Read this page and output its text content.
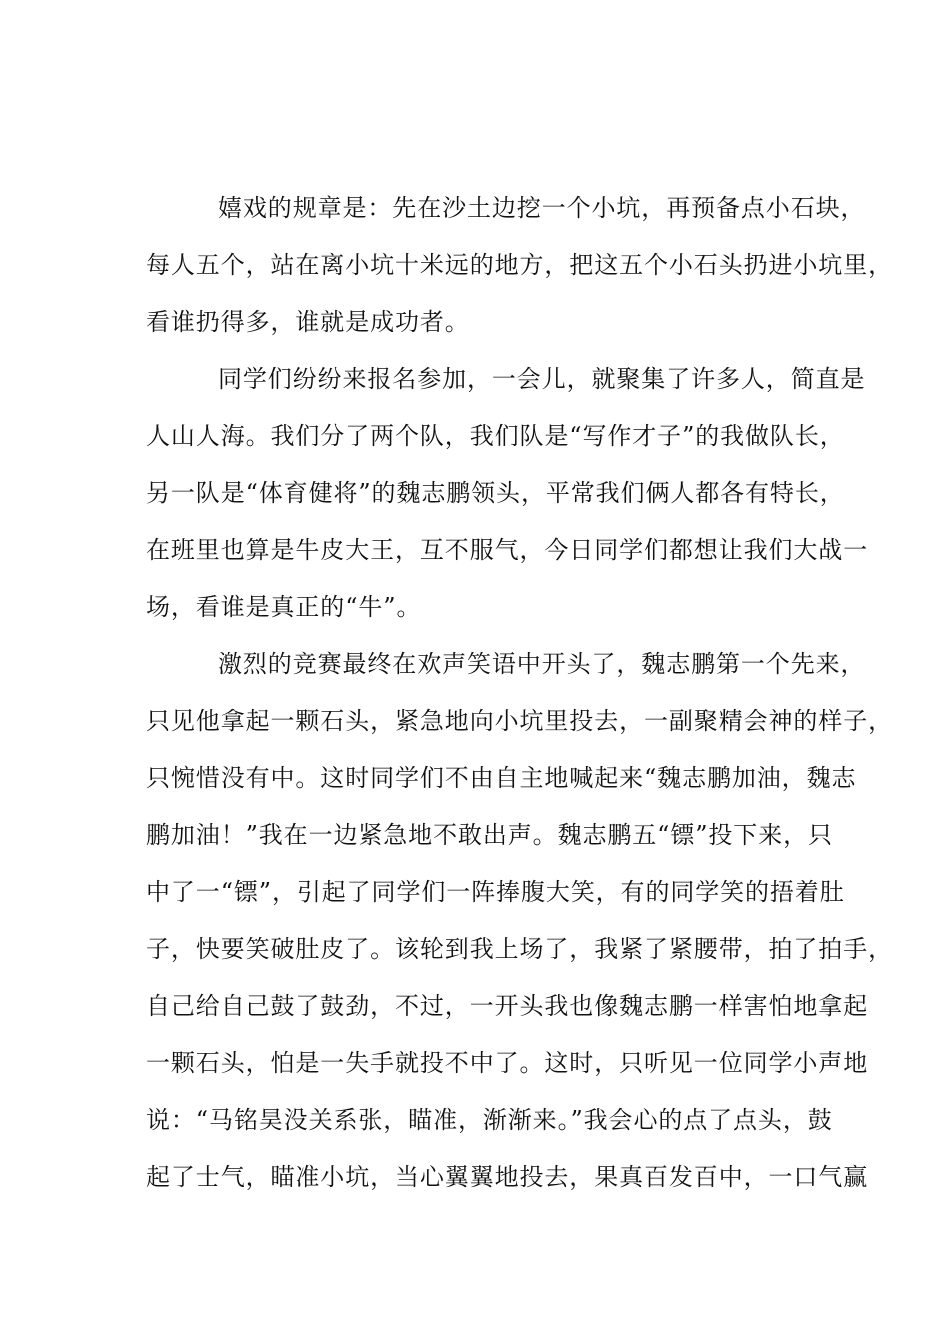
嬉戏的规章是：先在沙土边挖一个小坑，再预备点小石块，
每人五个，站在离小坑十米远的地方，把这五个小石头扔进小坑里，
看谁扔得多，谁就是成功者。
同学们纷纷来报名参加，一会儿，就聚集了许多人，简直是
人山人海。我们分了两个队，我们队是“写作才子”的我做队长，
另一队是“体育健将”的魏志鹏领头，平常我们俩人都各有特长，
在班里也算是牛皮大王，互不服气，今日同学们都想让我们大战一
场，看谁是真正的“牛”。
激烈的竞赛最终在欢声笑语中开头了，魏志鹏第一个先来，
只见他拿起一颗石头，紧急地向小坑里投去，一副聚精会神的样子，
只惋惜没有中。这时同学们不由自主地喊起来“魏志鹏加油，魏志
鹏加油！”我在一边紧急地不敢出声。魏志鹏五“镖”投下来，只
中了一“镖”，引起了同学们一阵捧腹大笑，有的同学笑的捂着肚
子，快要笑破肚皮了。该轮到我上场了，我紧了紧腰带，拍了拍手，
自己给自己鼓了鼓劲，不过，一开头我也像魏志鹏一样害怕地拿起
一颗石头，怕是一失手就投不中了。这时，只听见一位同学小声地
说：“马铭昊没关系张，瞄准，渐渐来。”我会心的点了点头，鼓
起了士气，瞄准小坑，当心翼翼地投去，果真百发百中，一口气赢
